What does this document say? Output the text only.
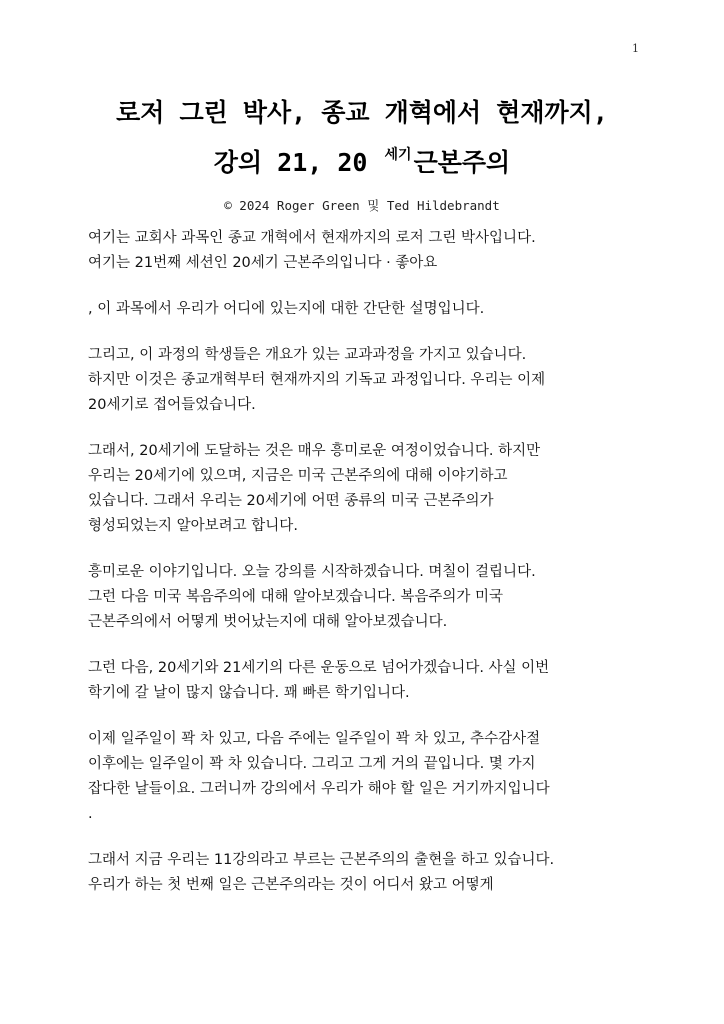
1
로저 그린 박사, 종교 개혁에서 현재까지,
강의 21, 20 $^{세기}$근본주의
© 2024 Roger Green 및 Ted Hildebrandt

여기는 교회사 과목인 종교 개혁에서 현재까지의 로저 그린 박사입니다.
여기는 21번째 세션인 20세기 근본주의입니다 · 좋아요

, 이 과목에서 우리가 어디에 있는지에 대한 간단한 설명입니다.

그리고, 이 과정의 학생들은 개요가 있는 교과과정을 가지고 있습니다.
하지만 이것은 종교개혁부터 현재까지의 기독교 과정입니다. 우리는 이제
20세기로 접어들었습니다.

그래서, 20세기에 도달하는 것은 매우 흥미로운 여정이었습니다. 하지만
우리는 20세기에 있으며, 지금은 미국 근본주의에 대해 이야기하고
있습니다. 그래서 우리는 20세기에 어떤 종류의 미국 근본주의가
형성되었는지 알아보려고 합니다.

흥미로운 이야기입니다. 오늘 강의를 시작하겠습니다. 며칠이 걸립니다.
그런 다음 미국 복음주의에 대해 알아보겠습니다. 복음주의가 미국
근본주의에서 어떻게 벗어났는지에 대해 알아보겠습니다.

그런 다음, 20세기와 21세기의 다른 운동으로 넘어가겠습니다. 사실 이번
학기에 갈 날이 많지 않습니다. 꽤 빠른 학기입니다.

이제 일주일이 꽉 차 있고, 다음 주에는 일주일이 꽉 차 있고, 추수감사절
이후에는 일주일이 꽉 차 있습니다. 그리고 그게 거의 끝입니다. 몇 가지
잡다한 날들이요. 그러니까 강의에서 우리가 해야 할 일은 거기까지입니다
.

그래서 지금 우리는 11강의라고 부르는 근본주의의 출현을 하고 있습니다.
우리가 하는 첫 번째 일은 근본주의라는 것이 어디서 왔고 어떻게
